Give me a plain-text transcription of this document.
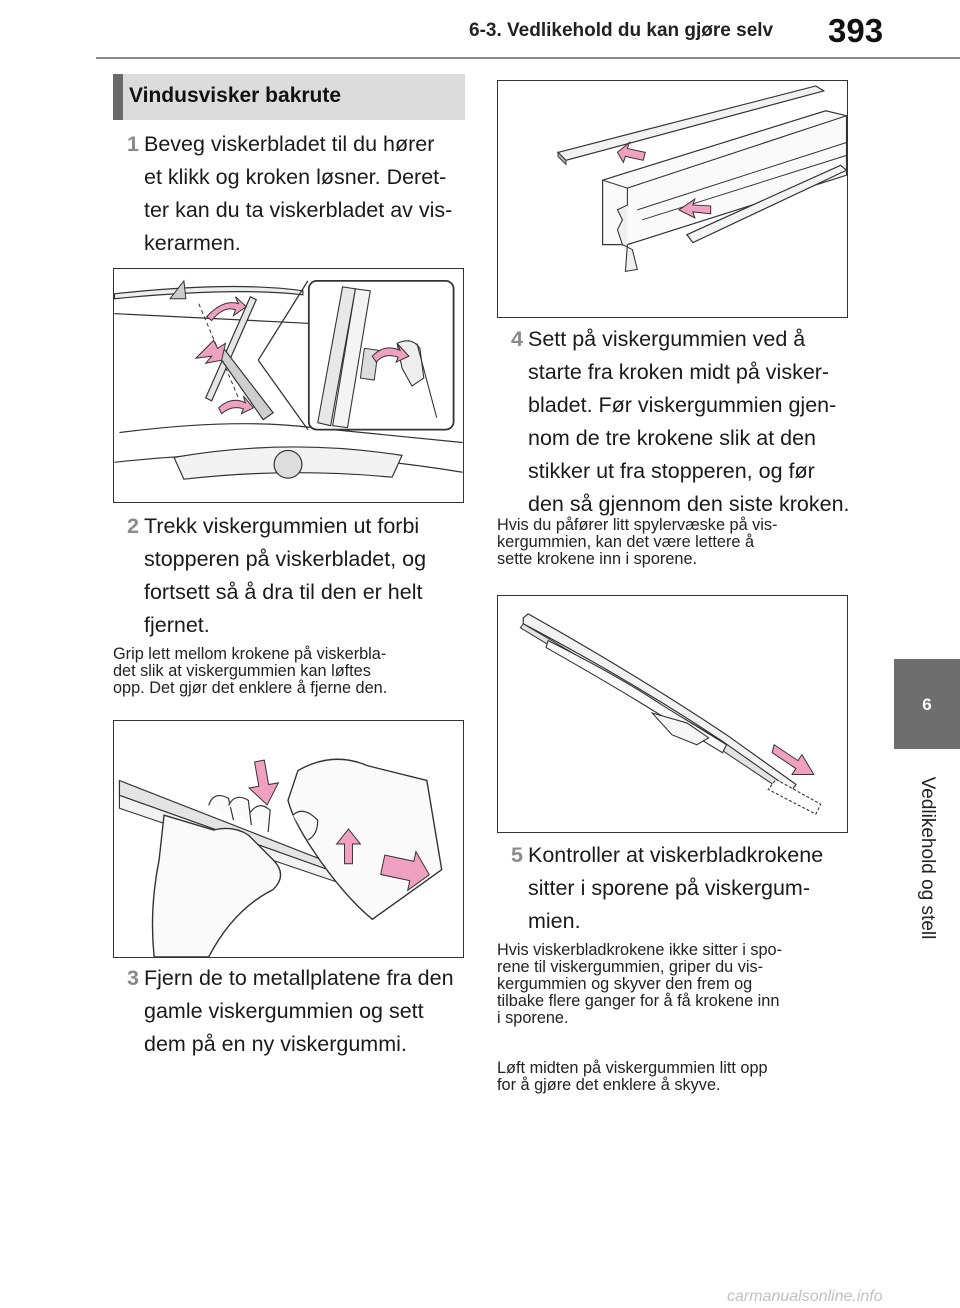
6-3. Vedlikehold du kan gjøre selv 393
6
Vedlikehold og stell
Vindusvisker bakrute
1 Beveg viskerbladet til du hører
et klikk og kroken løsner. Deret-
ter kan du ta viskerbladet av vis-
kerarmen.
2 Trekk viskergummien ut forbi
stopperen på viskerbladet, og
fortsett så å dra til den er helt
fjernet.
Grip lett mellom krokene på viskerbla-
det slik at viskergummien kan løftes
opp. Det gjør det enklere å fjerne den.
3 Fjern de to metallplatene fra den
gamle viskergummien og sett
dem på en ny viskergummi.
4 Sett på viskergummien ved å
starte fra kroken midt på visker-
bladet. Før viskergummien gjen-
nom de tre krokene slik at den
stikker ut fra stopperen, og før
den så gjennom den siste kroken.
Hvis du påfører litt spylervæske på vis-
kergummien, kan det være lettere å
sette krokene inn i sporene.
5 Kontroller at viskerbladkrokene
sitter i sporene på viskergum-
mien.
Hvis viskerbladkrokene ikke sitter i spo-
rene til viskergummien, griper du vis-
kergummien og skyver den frem og
tilbake flere ganger for å få krokene inn
i sporene.
Løft midten på viskergummien litt opp
for å gjøre det enklere å skyve.
carmanualsonline.info
